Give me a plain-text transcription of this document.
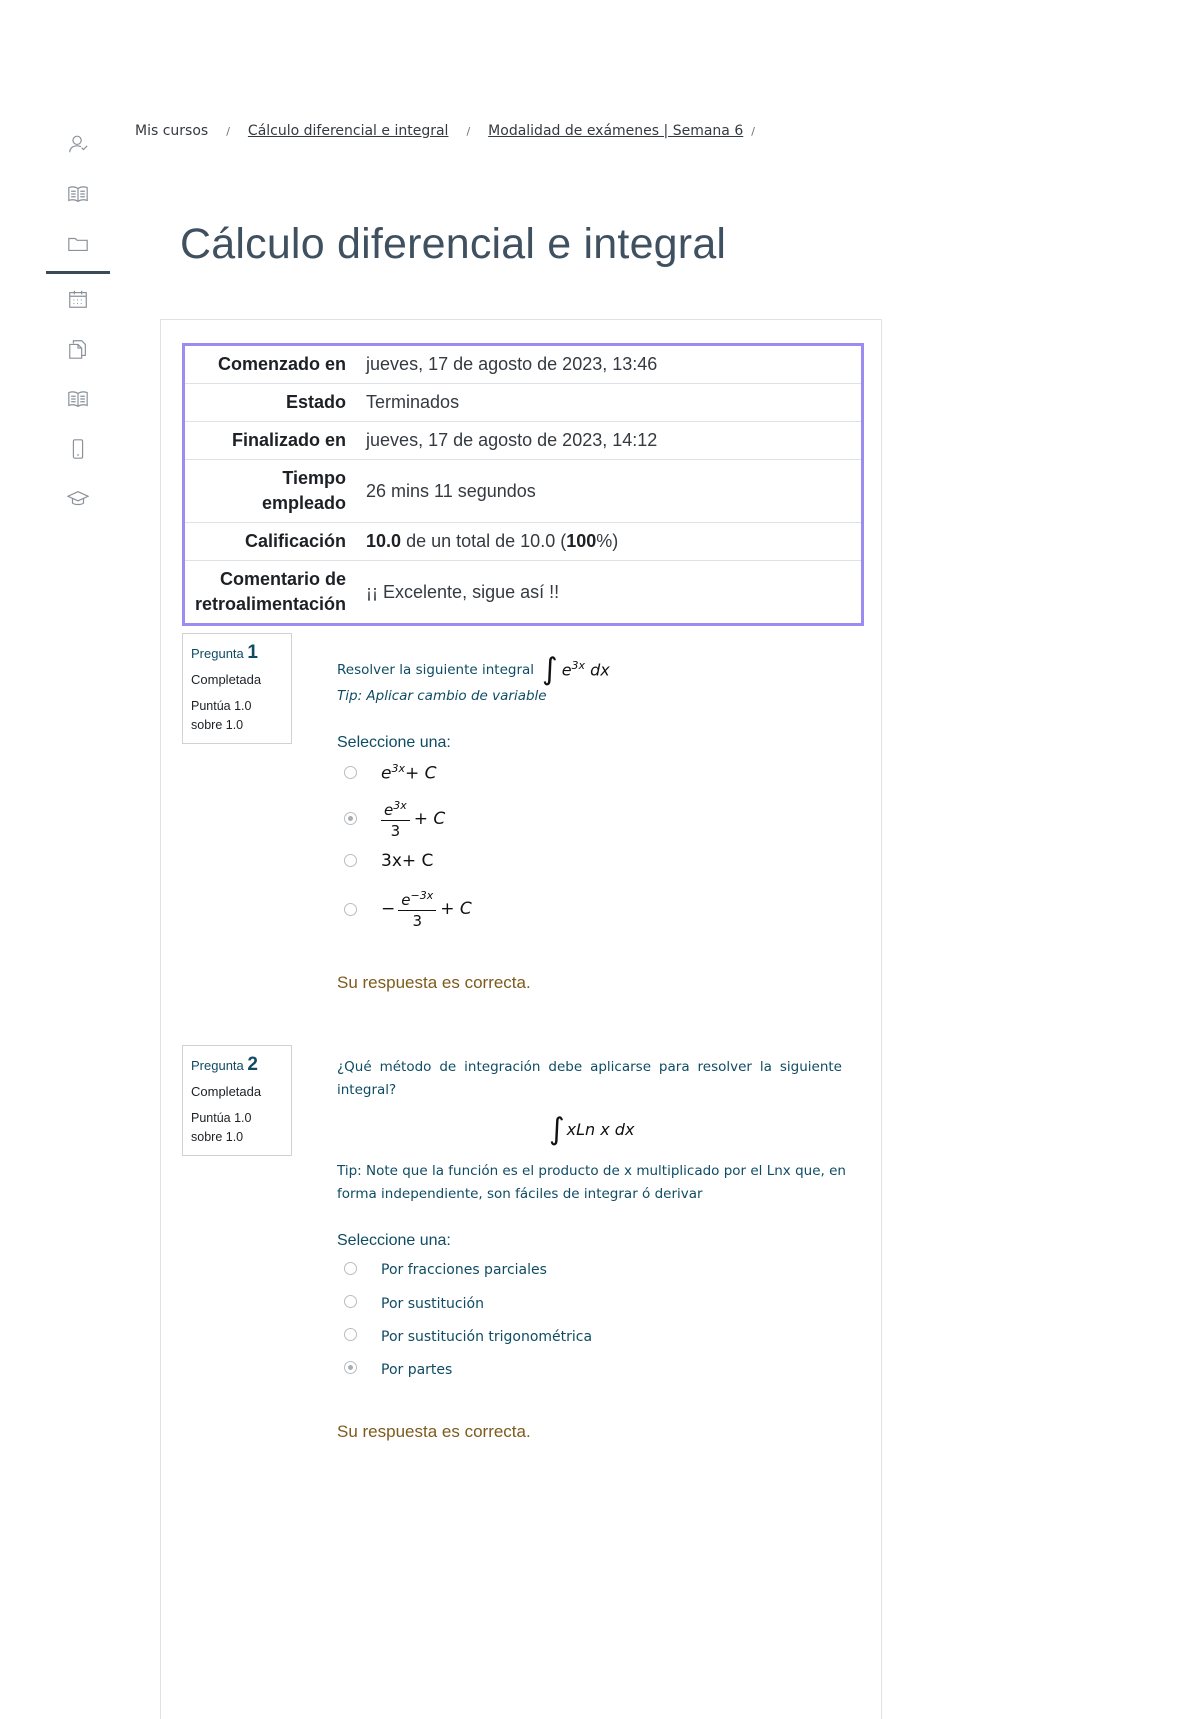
Mis cursos / Cálculo diferencial e integral / Modalidad de exámenes | Semana 6 /
Cálculo diferencial e integral
Comenzado en	jueves, 17 de agosto de 2023, 13:46
Estado	Terminados
Finalizado en	jueves, 17 de agosto de 2023, 14:12
Tiempo empleado	26 mins 11 segundos
Calificación	10.0 de un total de 10.0 (100%)
Comentario de retroalimentación	¡¡ Excelente, sigue así !!
Pregunta 1
Completada
Puntúa 1.0 sobre 1.0
Resolver la siguiente integral ∫ $e^{3x}$ dx
Tip: Aplicar cambio de variable
Seleccione una:
$e^{3x}+ C$
$\frac{e^{3x}}{3} + C$
3x+ C
− $\frac{e^{-3x}}{3} + C$
Su respuesta es correcta.
Pregunta 2
Completada
Puntúa 1.0 sobre 1.0
¿Qué método de integración debe aplicarse para resolver la siguiente integral?
∫ xLn x dx
Tip: Note que la función es el producto de x multiplicado por el Lnx que, en forma independiente, son fáciles de integrar ó derivar
Seleccione una:
Por fracciones parciales
Por sustitución
Por sustitución trigonométrica
Por partes
Su respuesta es correcta.
